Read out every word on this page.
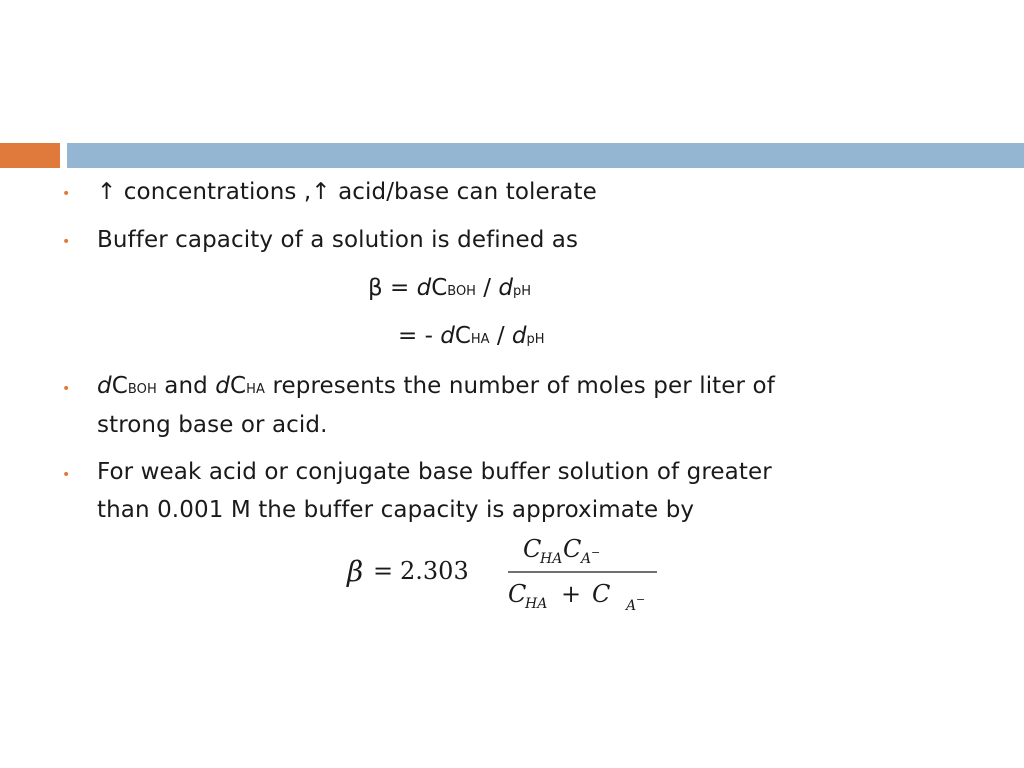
• ↑ concentrations ,↑ acid/base can tolerate
• Buffer capacity of a solution is defined as
β = dCBOH / dpH
= - dCHA / dpH
• dCBOH and dCHA represents the number of moles per liter of
strong base or acid.
• For weak acid or conjugate base buffer solution of greater
than 0.001 M the buffer capacity is approximate by
β = 2.303
C
HA C A −
C
HA + C A −
